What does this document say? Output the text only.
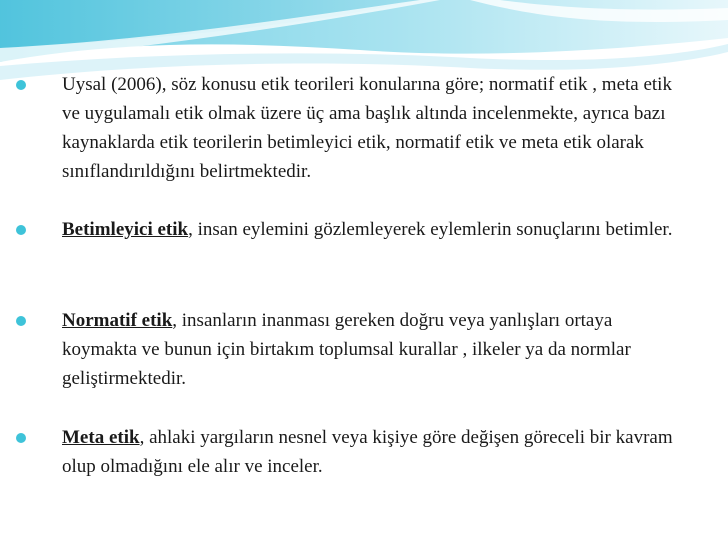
Uysal (2006), söz konusu etik teorileri konularına göre; normatif etik , meta etik ve uygulamalı etik olmak üzere üç ama başlık altında incelenmekte, ayrıca bazı kaynaklarda etik teorilerin betimleyici etik, normatif etik ve meta etik olarak sınıflandırıldığını belirtmektedir.
Betimleyici etik, insan eylemini gözlemleyerek eylemlerin sonuçlarını betimler.
Normatif etik, insanların inanması gereken doğru veya yanlışları ortaya koymakta ve bunun için birtakım toplumsal kurallar , ilkeler ya da normlar geliştirmektedir.
Meta etik, ahlaki yargıların nesnel veya kişiye göre değişen göreceli bir kavram olup olmadığını ele alır ve inceler.
